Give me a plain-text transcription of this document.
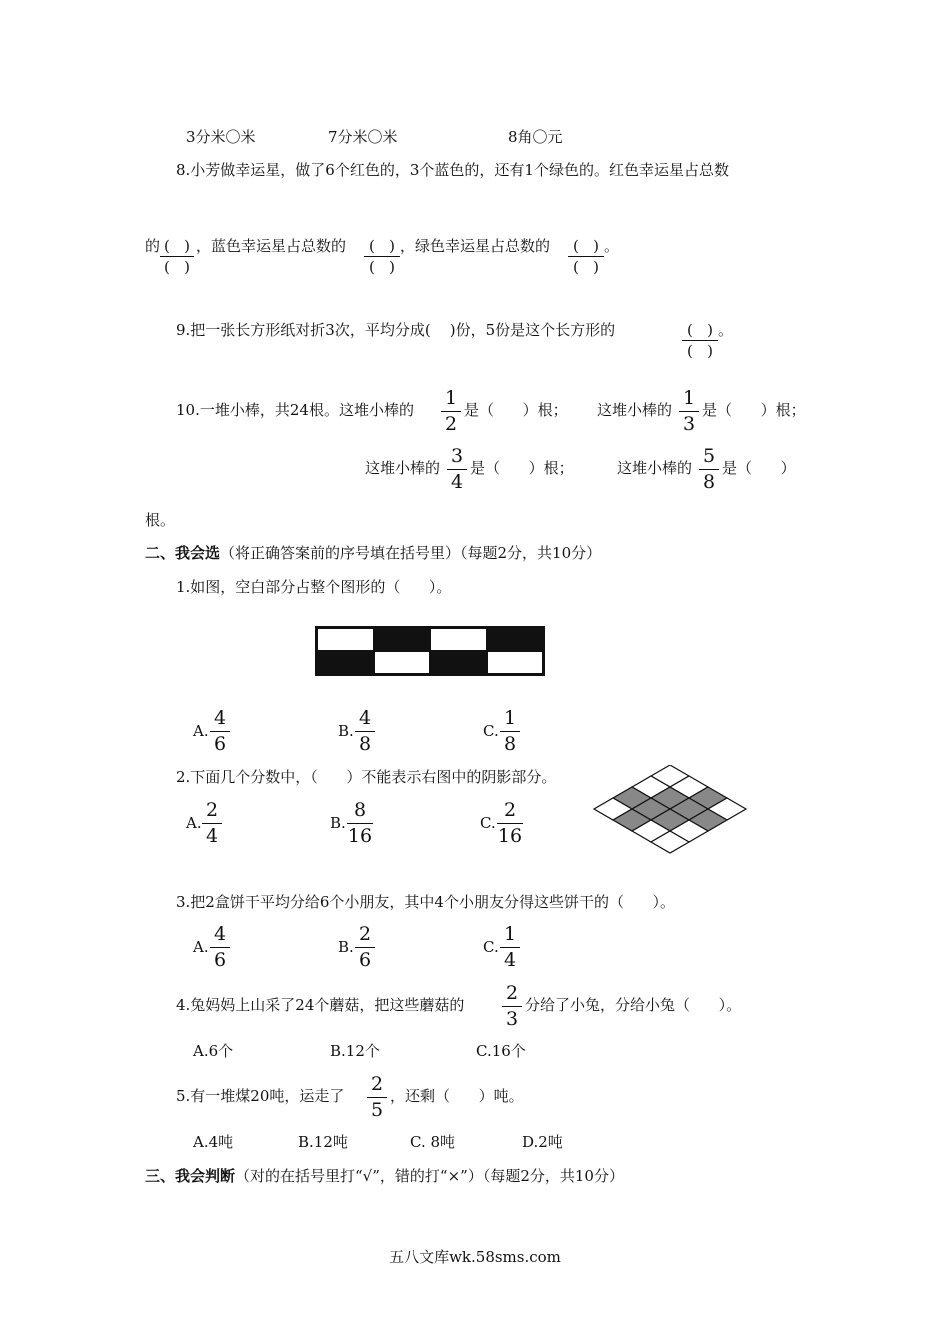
3分米〇米	7分米〇米	8角〇元
8.小芳做幸运星，做了6个红色的，3个蓝色的，还有1个绿色的。红色幸运星占总数
的 (   )
(   )
，蓝色幸运星占总数的	(   )
(   )
，绿色幸运星占总数的	(   )
(   )
。
9.把一张长方形纸对折3次，平均分成(    )份，5份是这个长方形的	(   )
(   )
。
10.一堆小棒，共24根。这堆小棒的
1
2
是（      ）根； 这堆小棒的
1
3
是（      ）根；
这堆小棒的
3
4
是（      ）根；	这堆小棒的
5
8
是（      ）
根。
二、我会选（将正确答案前的序号填在括号里）（每题2分，共10分）
1.如图，空白部分占整个图形的（      ）。
A.
4
6
B.
4
8
C.
1
8
2.下面几个分数中，（      ）不能表示右图中的阴影部分。
A.
2
4
B.
8
16
C.
2
16
3.把2盒饼干平均分给6个小朋友，其中4个小朋友分得这些饼干的（      ）。
A.
4
6
B.
2
6
C.
1
4
4.兔妈妈上山采了24个蘑菇，把这些蘑菇的
2
3
分给了小兔，分给小兔（      ）。
A.6个	B.12个	C.16个
5.有一堆煤20吨，运走了
2
5
，还剩（      ）吨。
A.4吨	B.12吨	C. 8吨	D.2吨
三、我会判断（对的在括号里打“√”，错的打“×”）（每题2分，共10分）
五八文库wk.58sms.com
